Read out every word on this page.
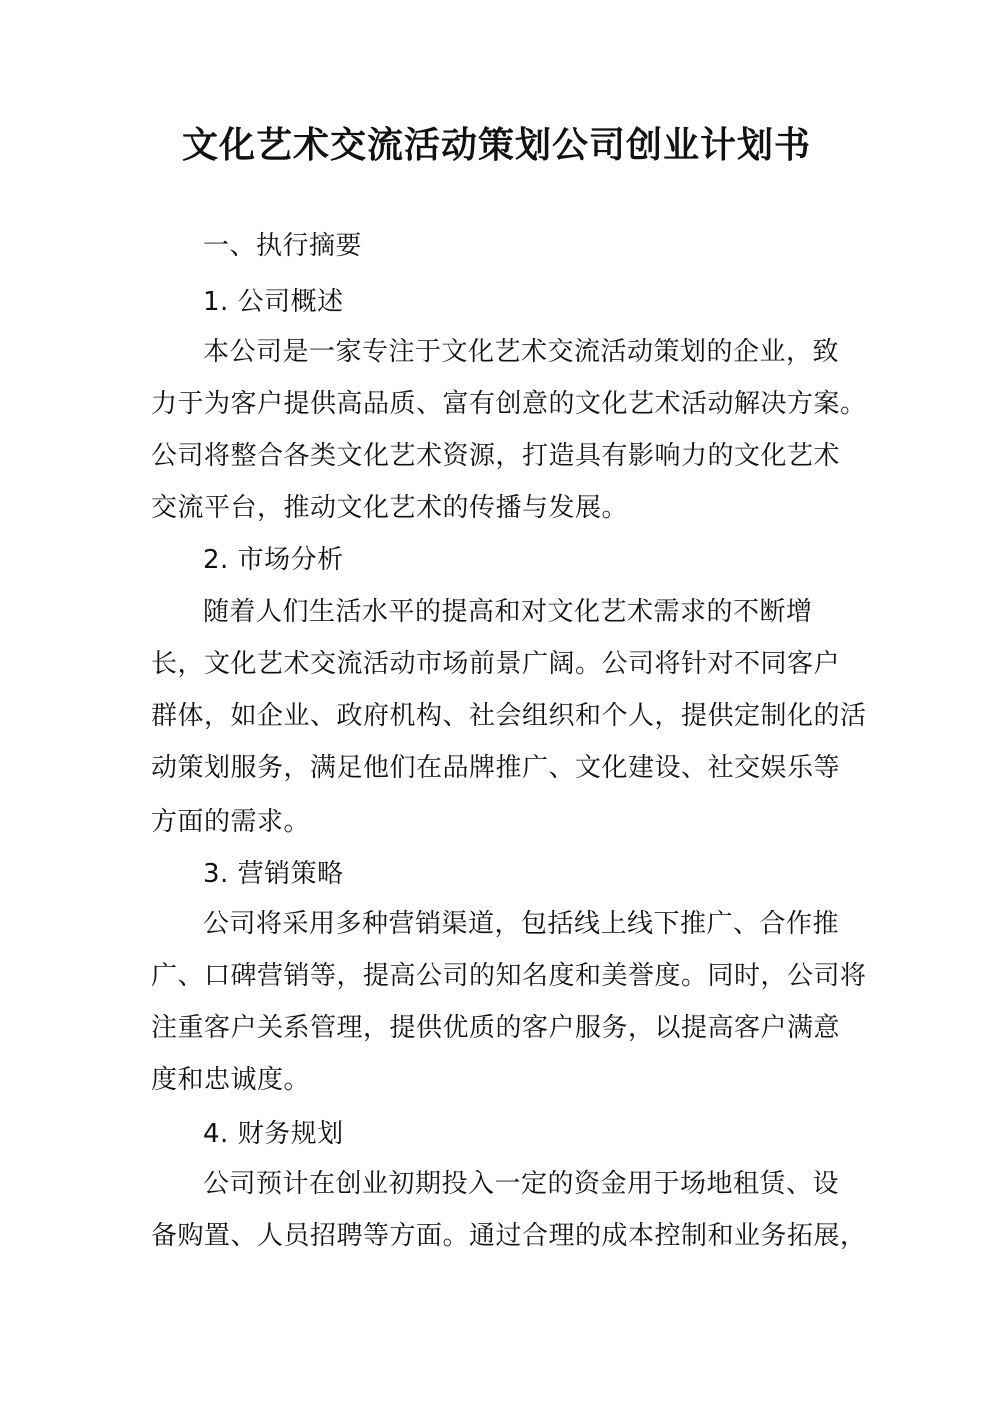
文化艺术交流活动策划公司创业计划书
一、执行摘要
1. 公司概述
本公司是一家专注于文化艺术交流活动策划的企业，致
力于为客户提供高品质、富有创意的文化艺术活动解决方案。
公司将整合各类文化艺术资源，打造具有影响力的文化艺术
交流平台，推动文化艺术的传播与发展。
2. 市场分析
随着人们生活水平的提高和对文化艺术需求的不断增
长，文化艺术交流活动市场前景广阔。公司将针对不同客户
群体，如企业、政府机构、社会组织和个人，提供定制化的活
动策划服务，满足他们在品牌推广、文化建设、社交娱乐等
方面的需求。
3. 营销策略
公司将采用多种营销渠道，包括线上线下推广、合作推
广、口碑营销等，提高公司的知名度和美誉度。同时，公司将
注重客户关系管理，提供优质的客户服务，以提高客户满意
度和忠诚度。
4. 财务规划
公司预计在创业初期投入一定的资金用于场地租赁、设
备购置、人员招聘等方面。通过合理的成本控制和业务拓展，
